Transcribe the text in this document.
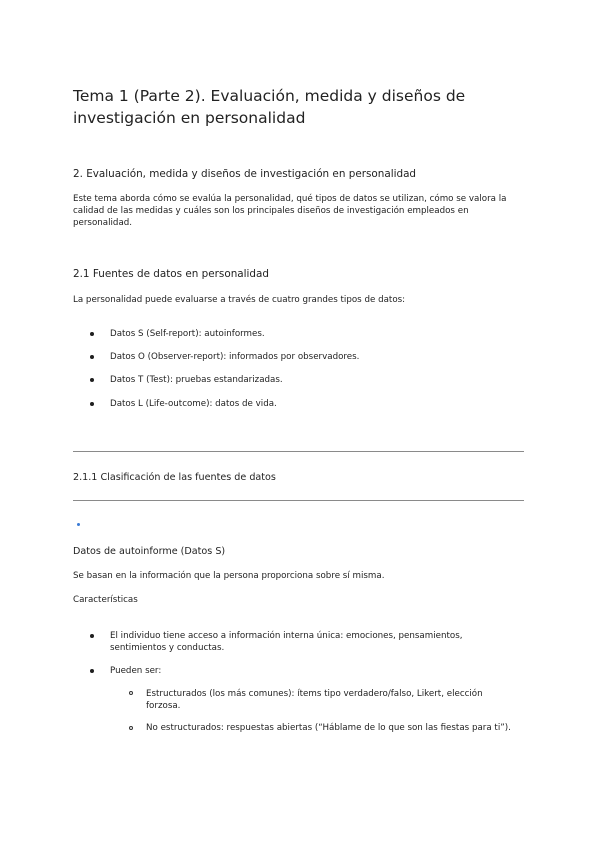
Tema 1 (Parte 2). Evaluación, medida y diseños de investigación en personalidad
2. Evaluación, medida y diseños de investigación en personalidad
Este tema aborda cómo se evalúa la personalidad, qué tipos de datos se utilizan, cómo se valora la calidad de las medidas y cuáles son los principales diseños de investigación empleados en personalidad.
2.1 Fuentes de datos en personalidad
La personalidad puede evaluarse a través de cuatro grandes tipos de datos:
Datos S (Self-report): autoinformes.
Datos O (Observer-report): informados por observadores.
Datos T (Test): pruebas estandarizadas.
Datos L (Life-outcome): datos de vida.
2.1.1 Clasificación de las fuentes de datos
Datos de autoinforme (Datos S)
Se basan en la información que la persona proporciona sobre sí misma.
Características
El individuo tiene acceso a información interna única: emociones, pensamientos, sentimientos y conductas.
Pueden ser:
Estructurados (los más comunes): ítems tipo verdadero/falso, Likert, elección forzosa.
No estructurados: respuestas abiertas (“Háblame de lo que son las fiestas para ti”).
